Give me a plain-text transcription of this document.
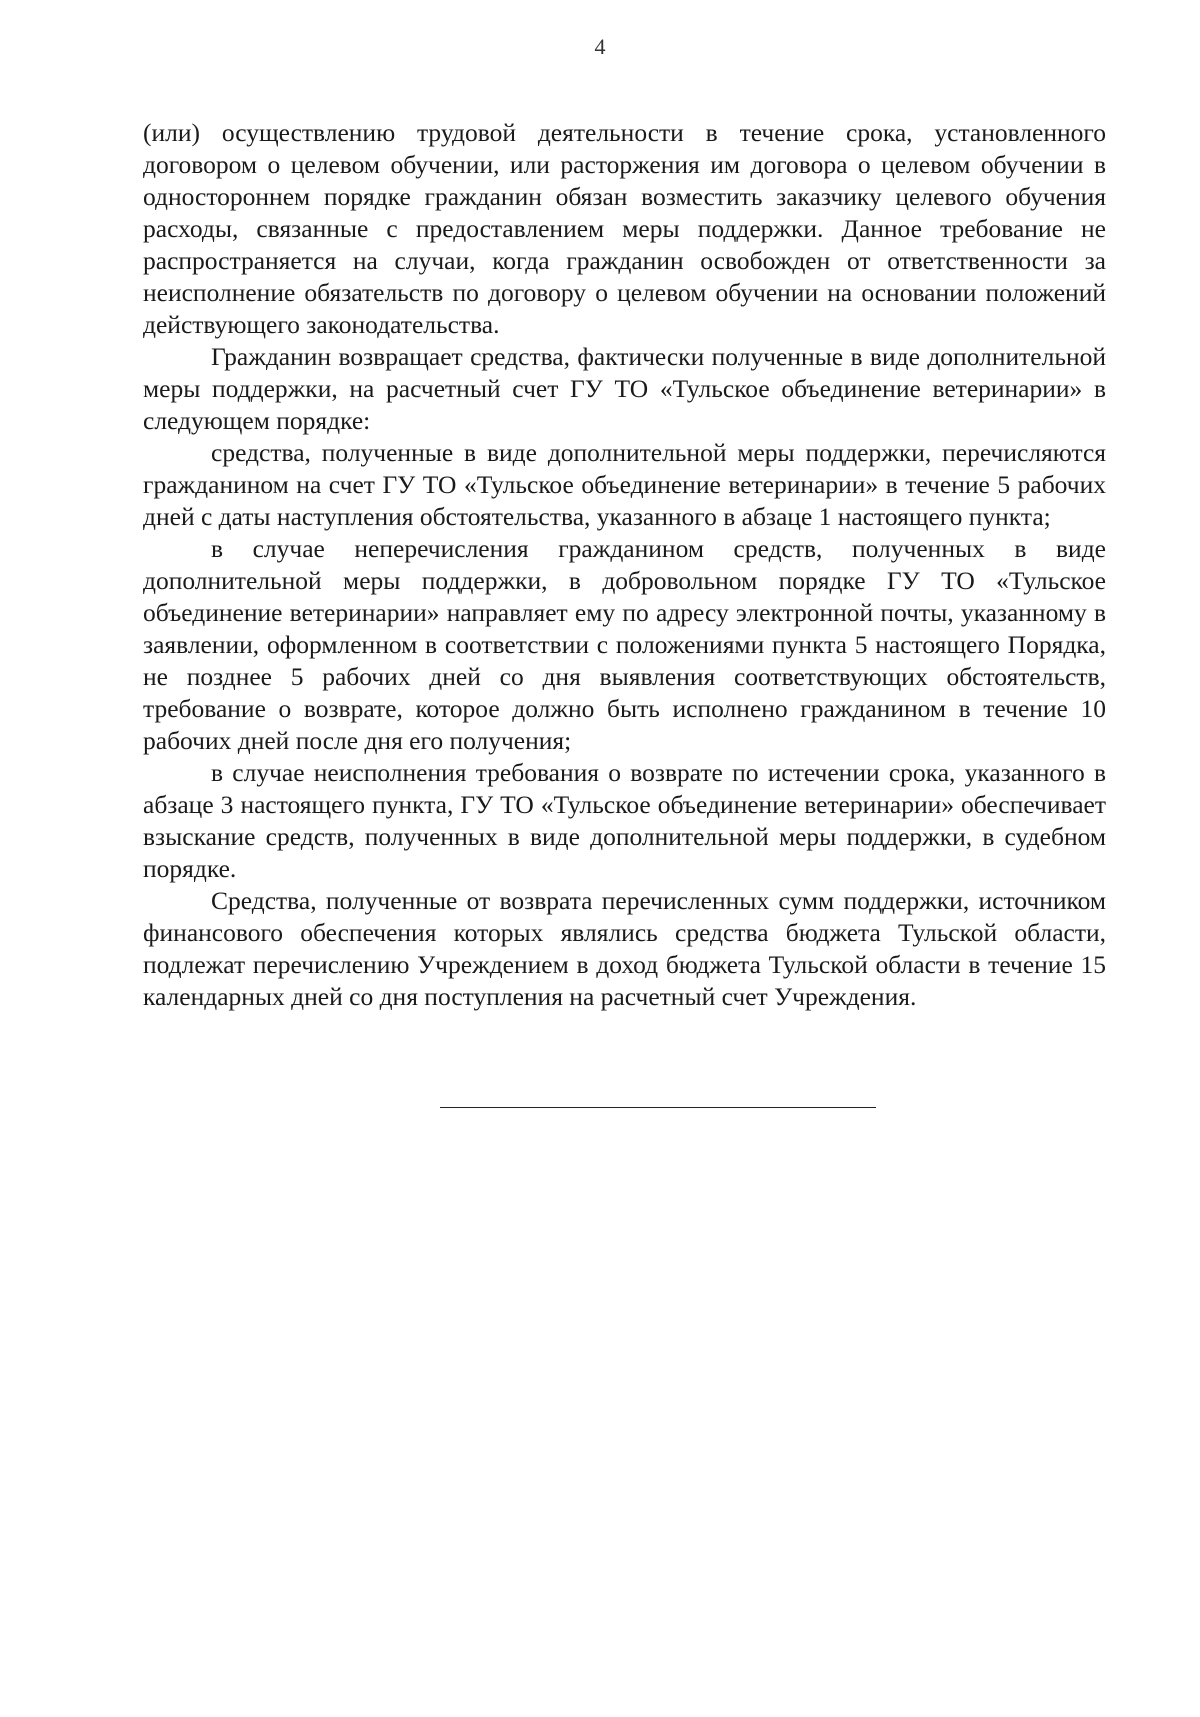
4

(или) осуществлению трудовой деятельности в течение срока, установленного договором о целевом обучении, или расторжения им договора о целевом обучении в одностороннем порядке гражданин обязан возместить заказчику целевого обучения расходы, связанные с предоставлением меры поддержки. Данное требование не распространяется на случаи, когда гражданин освобожден от ответственности за неисполнение обязательств по договору о целевом обучении на основании положений действующего законодательства.

Гражданин возвращает средства, фактически полученные в виде дополнительной меры поддержки, на расчетный счет ГУ ТО «Тульское объединение ветеринарии» в следующем порядке:

средства, полученные в виде дополнительной меры поддержки, перечисляются гражданином на счет ГУ ТО «Тульское объединение ветеринарии» в течение 5 рабочих дней с даты наступления обстоятельства, указанного в абзаце 1 настоящего пункта;

в случае неперечисления гражданином средств, полученных в виде дополнительной меры поддержки, в добровольном порядке ГУ ТО «Тульское объединение ветеринарии» направляет ему по адресу электронной почты, указанному в заявлении, оформленном в соответствии с положениями пункта 5 настоящего Порядка, не позднее 5 рабочих дней со дня выявления соответствующих обстоятельств, требование о возврате, которое должно быть исполнено гражданином в течение 10 рабочих дней после дня его получения;

в случае неисполнения требования о возврате по истечении срока, указанного в абзаце 3 настоящего пункта, ГУ ТО «Тульское объединение ветеринарии» обеспечивает взыскание средств, полученных в виде дополнительной меры поддержки, в судебном порядке.

Средства, полученные от возврата перечисленных сумм поддержки, источником финансового обеспечения которых являлись средства бюджета Тульской области, подлежат перечислению Учреждением в доход бюджета Тульской области в течение 15 календарных дней со дня поступления на расчетный счет Учреждения.
